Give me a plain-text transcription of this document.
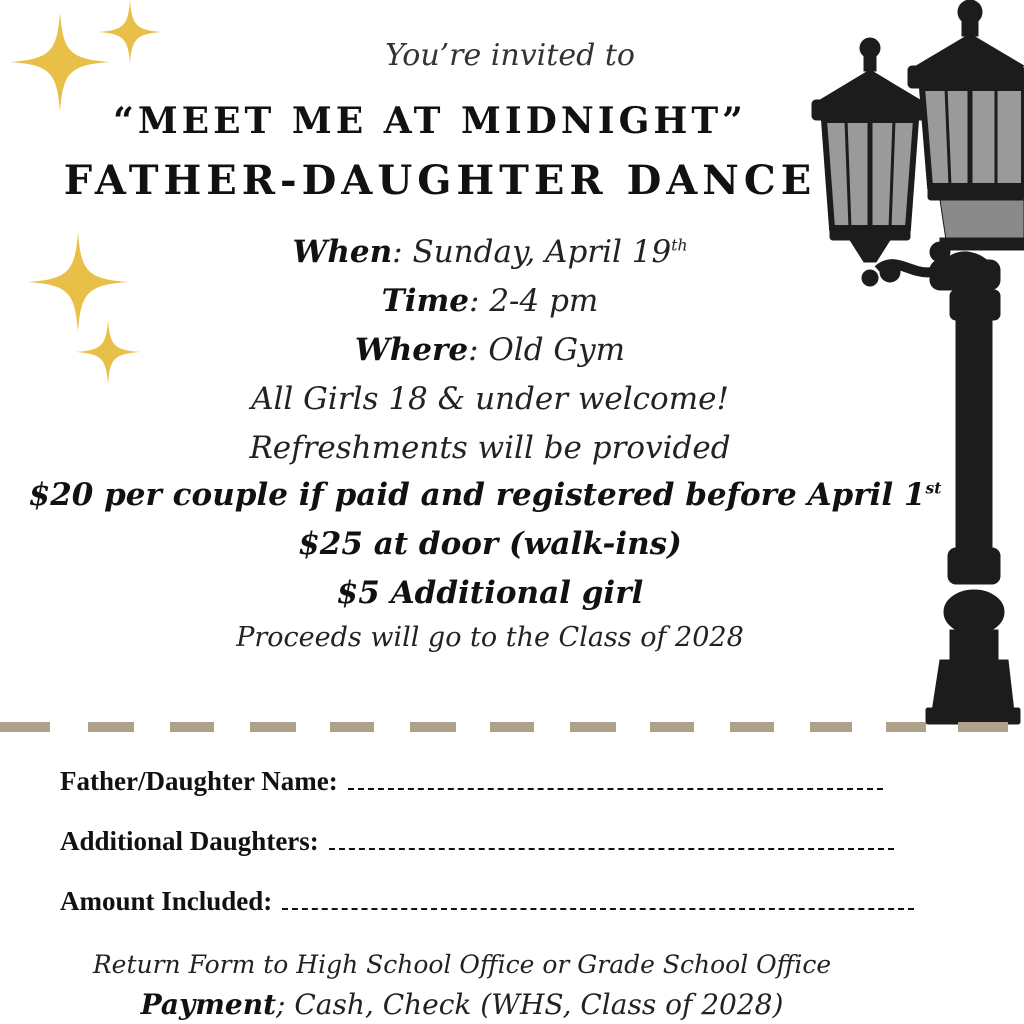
You’re invited to
“MEET ME AT MIDNIGHT”
FATHER-DAUGHTER DANCE
When: Sunday, April 19th
Time: 2-4 pm
Where: Old Gym
All Girls 18 & under welcome!
Refreshments will be provided
$20 per couple if paid and registered before April 1st
$25 at door (walk-ins)
$5 Additional girl
Proceeds will go to the Class of 2028
Father/Daughter Name:
Additional Daughters:
Amount Included:
Return Form to High School Office or Grade School Office
Payment; Cash, Check (WHS, Class of 2028)
